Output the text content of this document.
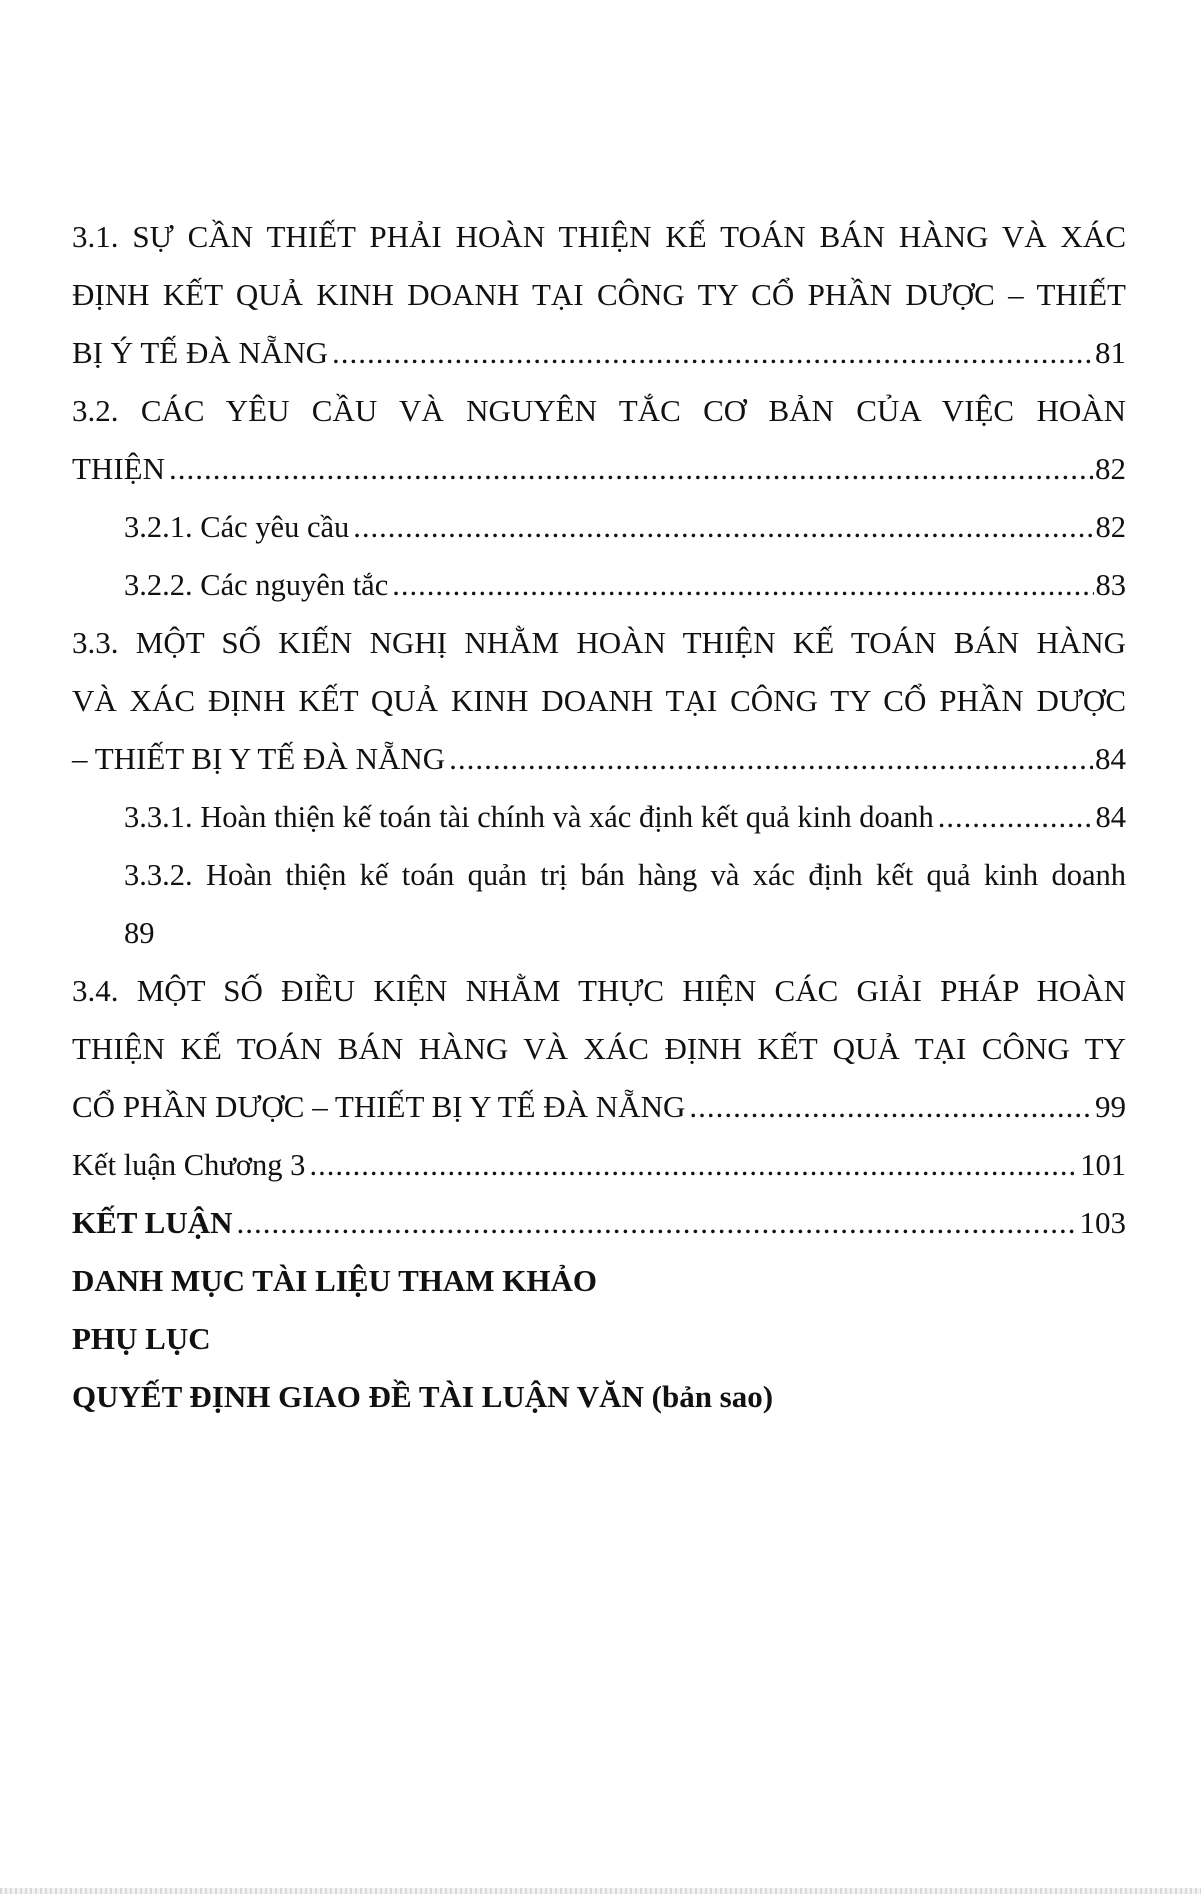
3.1. SỰ CẦN THIẾT PHẢI HOÀN THIỆN KẾ TOÁN BÁN HÀNG VÀ XÁC
ĐỊNH KẾT QUẢ KINH DOANH TẠI CÔNG TY CỔ PHẦN DƯỢC – THIẾT
BỊ Ý TẾ ĐÀ NẴNG .....	81
3.2. CÁC YÊU CẦU VÀ NGUYÊN TẮC CƠ BẢN CỦA VIỆC HOÀN
THIỆN .....	82
3.2.1. Các yêu cầu .....	82
3.2.2. Các nguyên tắc .....	83
3.3. MỘT SỐ KIẾN NGHỊ NHẰM HOÀN THIỆN KẾ TOÁN BÁN HÀNG
VÀ XÁC ĐỊNH KẾT QUẢ KINH DOANH TẠI CÔNG TY CỔ PHẦN DƯỢC
– THIẾT BỊ Y TẾ ĐÀ NẴNG .....	84
3.3.1. Hoàn thiện kế toán tài chính và xác định kết quả kinh doanh .....	84
3.3.2. Hoàn thiện kế toán quản trị bán hàng và xác định kết quả kinh doanh
89
3.4. MỘT SỐ ĐIỀU KIỆN NHẰM THỰC HIỆN CÁC GIẢI PHÁP HOÀN
THIỆN KẾ TOÁN BÁN HÀNG VÀ XÁC ĐỊNH KẾT QUẢ TẠI CÔNG TY
CỔ PHẦN DƯỢC – THIẾT BỊ Y TẾ ĐÀ NẴNG .....	99
Kết luận Chương 3 .....	101
KẾT LUẬN .....	103
DANH MỤC TÀI LIỆU THAM KHẢO
PHỤ LỤC
QUYẾT ĐỊNH GIAO ĐỀ TÀI LUẬN VĂN (bản sao)
